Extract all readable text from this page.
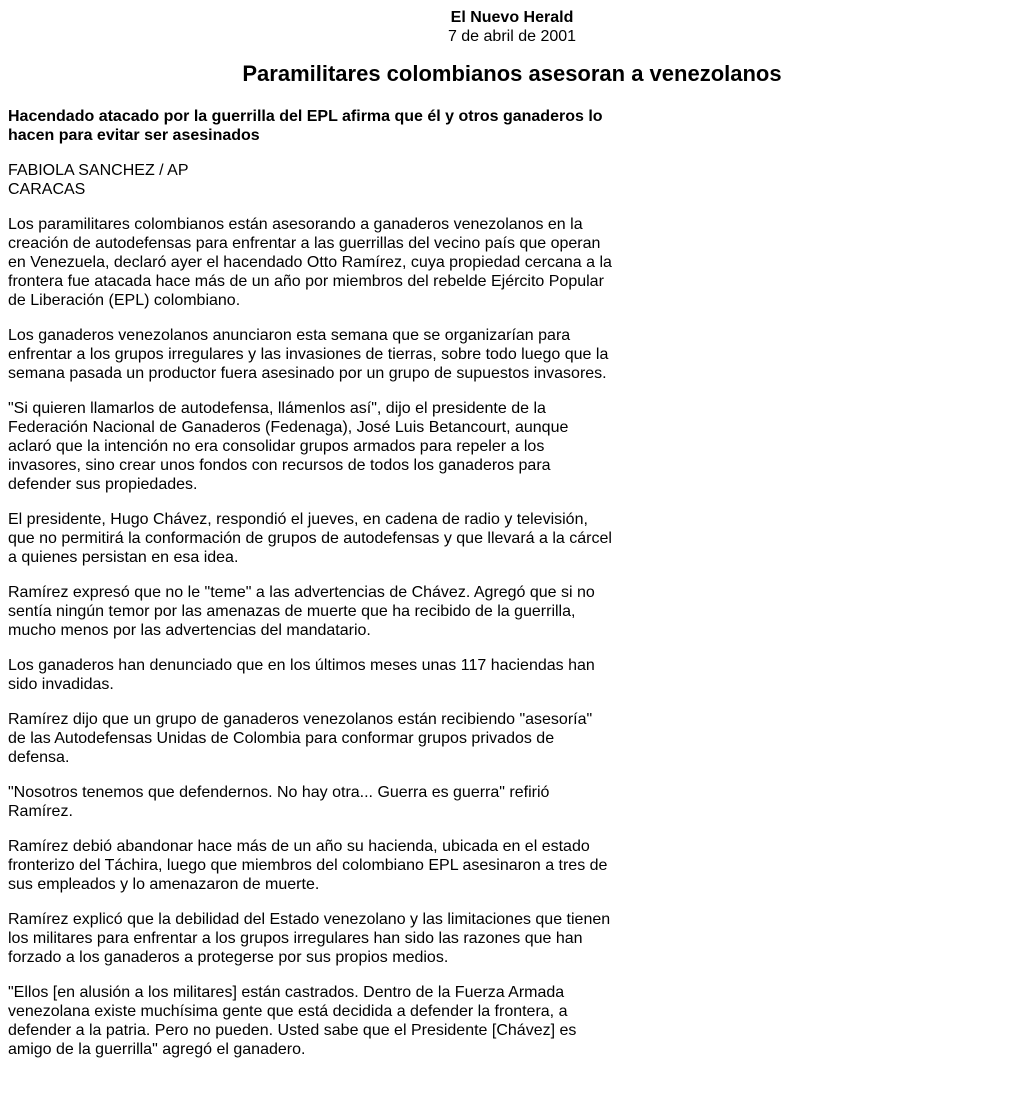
El Nuevo Herald
7 de abril de 2001
Paramilitares colombianos asesoran a venezolanos

Hacendado atacado por la guerrilla del EPL afirma que él y otros ganaderos lo hacen para evitar ser asesinados

FABIOLA SANCHEZ / AP
CARACAS

Los paramilitares colombianos están asesorando a ganaderos venezolanos en la creación de autodefensas para enfrentar a las guerrillas del vecino país que operan en Venezuela, declaró ayer el hacendado Otto Ramírez, cuya propiedad cercana a la frontera fue atacada hace más de un año por miembros del rebelde Ejército Popular de Liberación (EPL) colombiano.

Los ganaderos venezolanos anunciaron esta semana que se organizarían para enfrentar a los grupos irregulares y las invasiones de tierras, sobre todo luego que la semana pasada un productor fuera asesinado por un grupo de supuestos invasores.

"Si quieren llamarlos de autodefensa, llámenlos así", dijo el presidente de la Federación Nacional de Ganaderos (Fedenaga), José Luis Betancourt, aunque aclaró que la intención no era consolidar grupos armados para repeler a los invasores, sino crear unos fondos con recursos de todos los ganaderos para defender sus propiedades.

El presidente, Hugo Chávez, respondió el jueves, en cadena de radio y televisión, que no permitirá la conformación de grupos de autodefensas y que llevará a la cárcel a quienes persistan en esa idea.

Ramírez expresó que no le "teme" a las advertencias de Chávez. Agregó que si no sentía ningún temor por las amenazas de muerte que ha recibido de la guerrilla, mucho menos por las advertencias del mandatario.

Los ganaderos han denunciado que en los últimos meses unas 117 haciendas han sido invadidas.

Ramírez dijo que un grupo de ganaderos venezolanos están recibiendo "asesoría" de las Autodefensas Unidas de Colombia para conformar grupos privados de defensa.

"Nosotros tenemos que defendernos. No hay otra... Guerra es guerra" refirió Ramírez.

Ramírez debió abandonar hace más de un año su hacienda, ubicada en el estado fronterizo del Táchira, luego que miembros del colombiano EPL asesinaron a tres de sus empleados y lo amenazaron de muerte.

Ramírez explicó que la debilidad del Estado venezolano y las limitaciones que tienen los militares para enfrentar a los grupos irregulares han sido las razones que han forzado a los ganaderos a protegerse por sus propios medios.

"Ellos [en alusión a los militares] están castrados. Dentro de la Fuerza Armada venezolana existe muchísima gente que está decidida a defender la frontera, a defender a la patria. Pero no pueden. Usted sabe que el Presidente [Chávez] es amigo de la guerrilla" agregó el ganadero.
